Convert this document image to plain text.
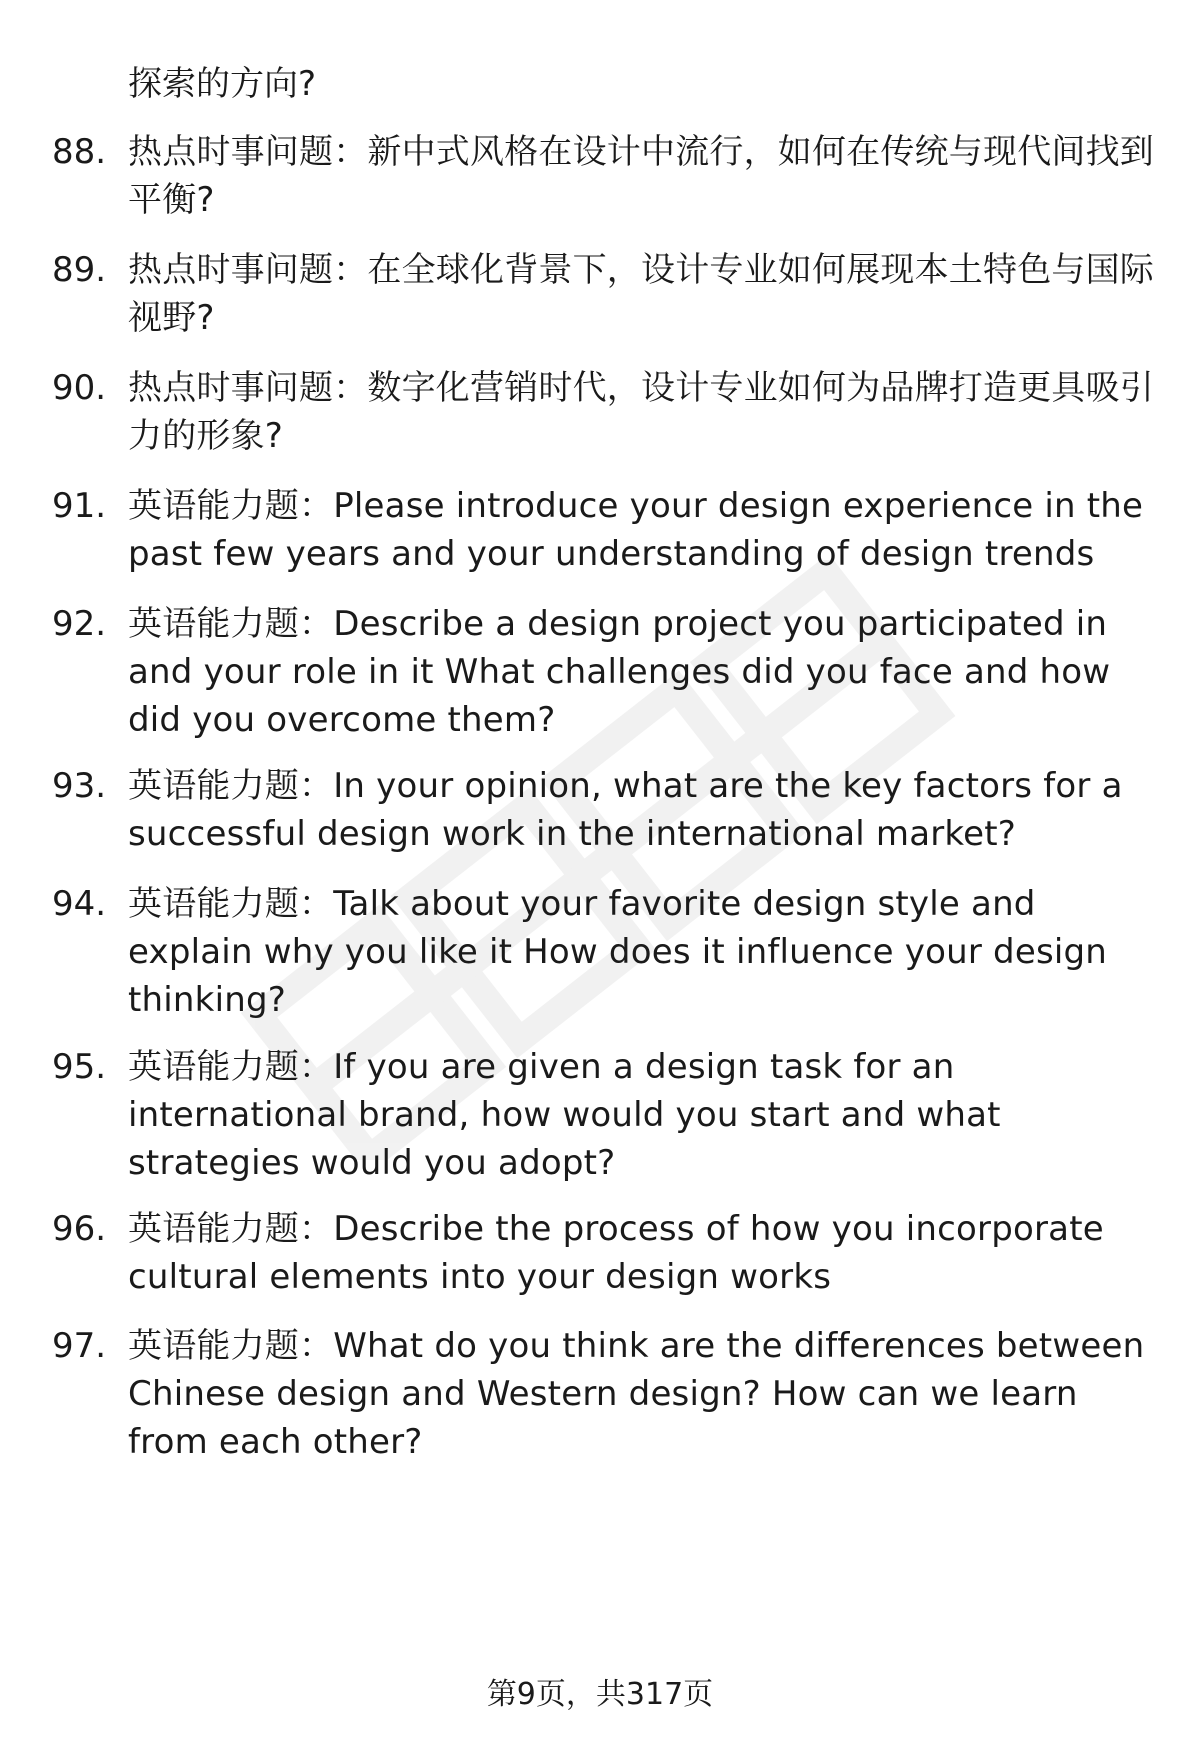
探索的方向?
88. 热点时事问题：新中式风格在设计中流行，如何在传统与现代间找到平衡?
89. 热点时事问题：在全球化背景下，设计专业如何展现本土特色与国际视野?
90. 热点时事问题：数字化营销时代，设计专业如何为品牌打造更具吸引力的形象?
91. 英语能力题：Please introduce your design experience in the past few years and your understanding of design trends
92. 英语能力题：Describe a design project you participated in and your role in it What challenges did you face and how did you overcome them?
93. 英语能力题：In your opinion, what are the key factors for a successful design work in the international market?
94. 英语能力题：Talk about your favorite design style and explain why you like it How does it influence your design thinking?
95. 英语能力题：If you are given a design task for an international brand, how would you start and what strategies would you adopt?
96. 英语能力题：Describe the process of how you incorporate cultural elements into your design works
97. 英语能力题：What do you think are the differences between Chinese design and Western design? How can we learn from each other?
第9页，共317页
